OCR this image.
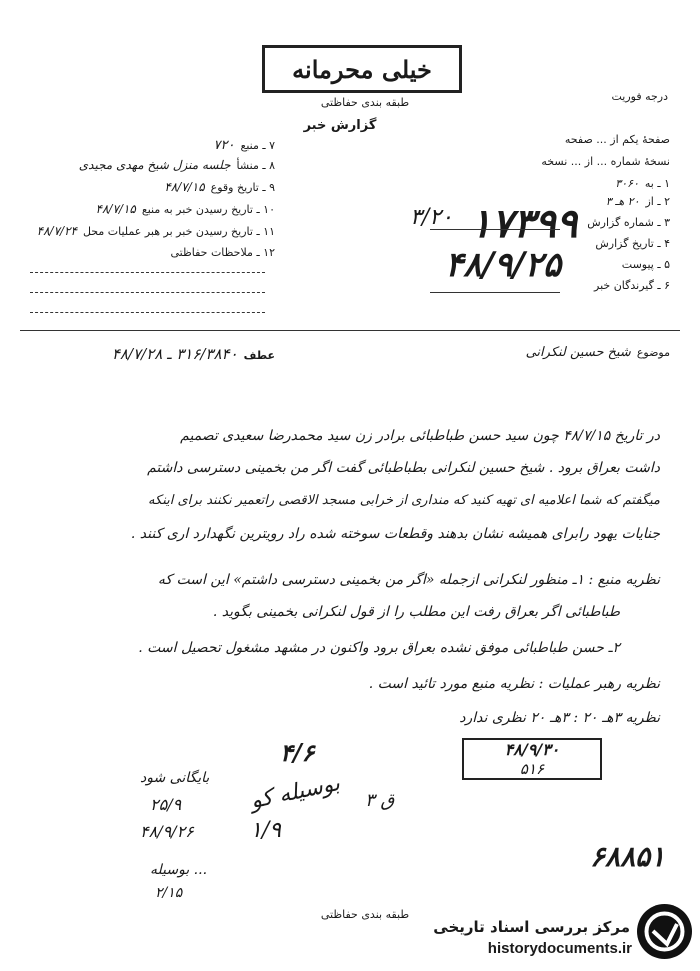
خیلی محرمانه
طبقه بندی حفاظتی	درجه فوریت
گزارش خبر
صفحهٔ یکم از ... صفحه
نسخهٔ شماره ... از ... نسخه
۱ ـ به
۳۰۶۰
۲ ـ از
۲۰ هـ ۳
۳ ـ شماره گزارش
۴ ـ تاریخ گزارش
۵ ـ پیوست
۶ ـ گیرندگان خبر
۱۷۳۹۹
۳/۲۰
۴۸/۹/۲۵
۷ ـ منبع
۷۲۰
۸ ـ منشأ
جلسه منزل شیخ مهدی مجیدی
۹ ـ تاریخ وقوع
۴۸/۷/۱۵
۱۰ ـ تاریخ رسیدن خبر به منبع
۴۸/۷/۱۵
۱۱ ـ تاریخ رسیدن خبر بر هبر عملیات محل
۴۸/۷/۲۴
۱۲ ـ ملاحظات حفاظتی
موضوع
شیخ حسین لنکرانی
عطف
۳۱۶/۳۸۴۰ ـ ۴۸/۷/۲۸
در تاریخ ۴۸/۷/۱۵ چون سید حسن طباطبائی برادر زن سید محمدرضا سعیدی تصمیم
داشت بعراق برود . شیخ حسین لنکرانی بطباطبائی گفت اگر من بخمینی دسترسی داشتم
میگفتم که شما اعلامیه ای تهیه کنید که منداری از خرابی مسجد الاقصی راتعمیر نکنند برای اینکه
جنایات یهود رابرای همیشه نشان بدهند وقطعات سوخته شده راد رویترین نگهدارد اری کنند .
نظریه منبع : ۱ـ منظور لنکرانی ازجمله «اگر من بخمینی دسترسی داشتم» این است که
طباطبائی اگر بعراق رفت این مطلب را از قول لنکرانی بخمینی بگوید .
۲ـ حسن طباطبائی موفق نشده بعراق برود واکنون در مشهد مشغول تحصیل است .
نظریه رهبر عملیات : نظریه منبع مورد تائید است .
نظریه ۳هـ ۲۰ : ۳هـ ۲۰ نظری ندارد
۴۸/۹/۳۰
۵۱۶
۴/۶
بوسیله ‌کو ۳ ق
۱/۹
بایگانی شود
۲۵/۹
۴۸/۹/۲۶
بوسیله ...
۲/۱۵
۶۸۸۵۱
طبقه بندی حفاظتی
مرکز بررسی اسناد تاریخی
historydocuments.ir
